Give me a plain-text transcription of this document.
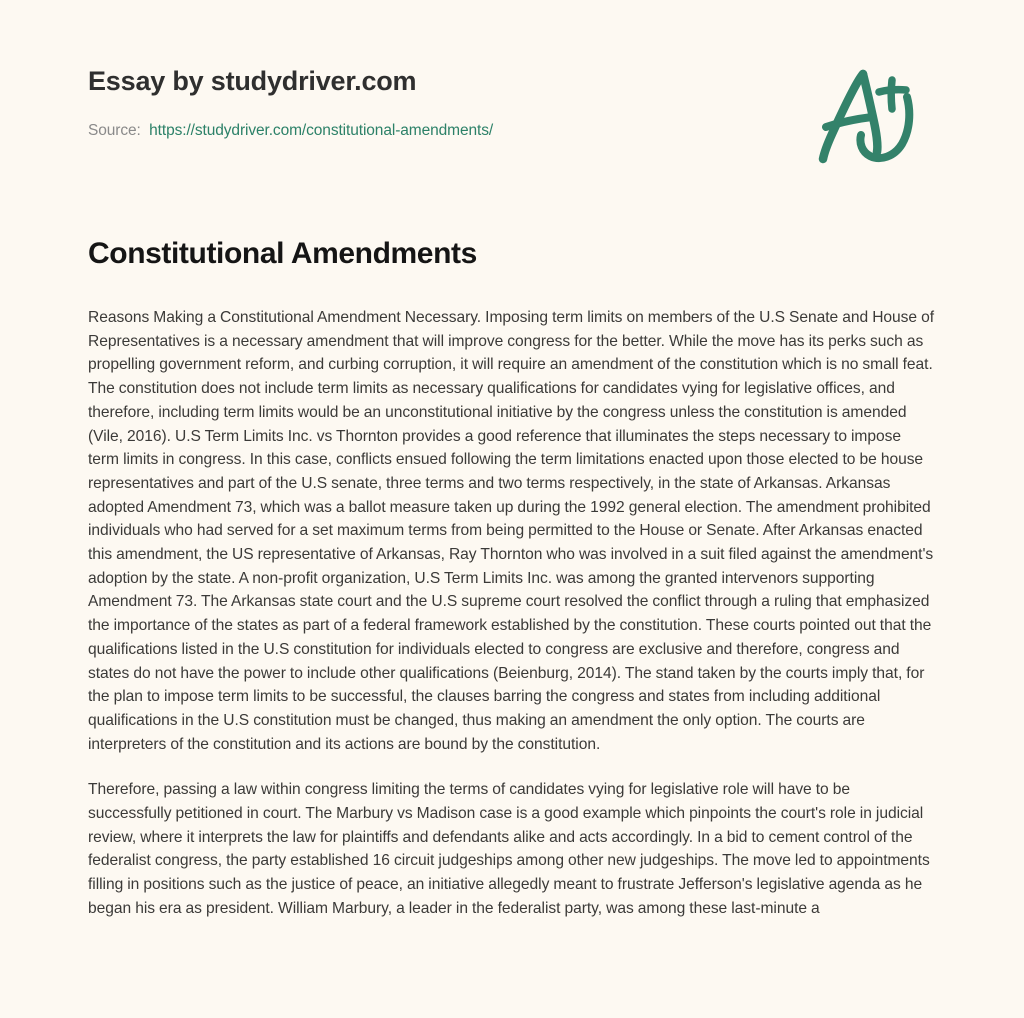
Essay by studydriver.com
Source: https://studydriver.com/constitutional-amendments/
Constitutional Amendments

Reasons Making a Constitutional Amendment Necessary. Imposing term limits on members of the U.S Senate and House of Representatives is a necessary amendment that will improve congress for the better. While the move has its perks such as propelling government reform, and curbing corruption, it will require an amendment of the constitution which is no small feat. The constitution does not include term limits as necessary qualifications for candidates vying for legislative offices, and therefore, including term limits would be an unconstitutional initiative by the congress unless the constitution is amended (Vile, 2016). U.S Term Limits Inc. vs Thornton provides a good reference that illuminates the steps necessary to impose term limits in congress. In this case, conflicts ensued following the term limitations enacted upon those elected to be house representatives and part of the U.S senate, three terms and two terms respectively, in the state of Arkansas. Arkansas adopted Amendment 73, which was a ballot measure taken up during the 1992 general election. The amendment prohibited individuals who had served for a set maximum terms from being permitted to the House or Senate. After Arkansas enacted this amendment, the US representative of Arkansas, Ray Thornton who was involved in a suit filed against the amendment's adoption by the state. A non-profit organization, U.S Term Limits Inc. was among the granted intervenors supporting Amendment 73. The Arkansas state court and the U.S supreme court resolved the conflict through a ruling that emphasized the importance of the states as part of a federal framework established by the constitution. These courts pointed out that the qualifications listed in the U.S constitution for individuals elected to congress are exclusive and therefore, congress and states do not have the power to include other qualifications (Beienburg, 2014). The stand taken by the courts imply that, for the plan to impose term limits to be successful, the clauses barring the congress and states from including additional qualifications in the U.S constitution must be changed, thus making an amendment the only option. The courts are interpreters of the constitution and its actions are bound by the constitution.

Therefore, passing a law within congress limiting the terms of candidates vying for legislative role will have to be successfully petitioned in court. The Marbury vs Madison case is a good example which pinpoints the court's role in judicial review, where it interprets the law for plaintiffs and defendants alike and acts accordingly. In a bid to cement control of the federalist congress, the party established 16 circuit judgeships among other new judgeships. The move led to appointments filling in positions such as the justice of peace, an initiative allegedly meant to frustrate Jefferson's legislative agenda as he began his era as president. William Marbury, a leader in the federalist party, was among these last-minute a
